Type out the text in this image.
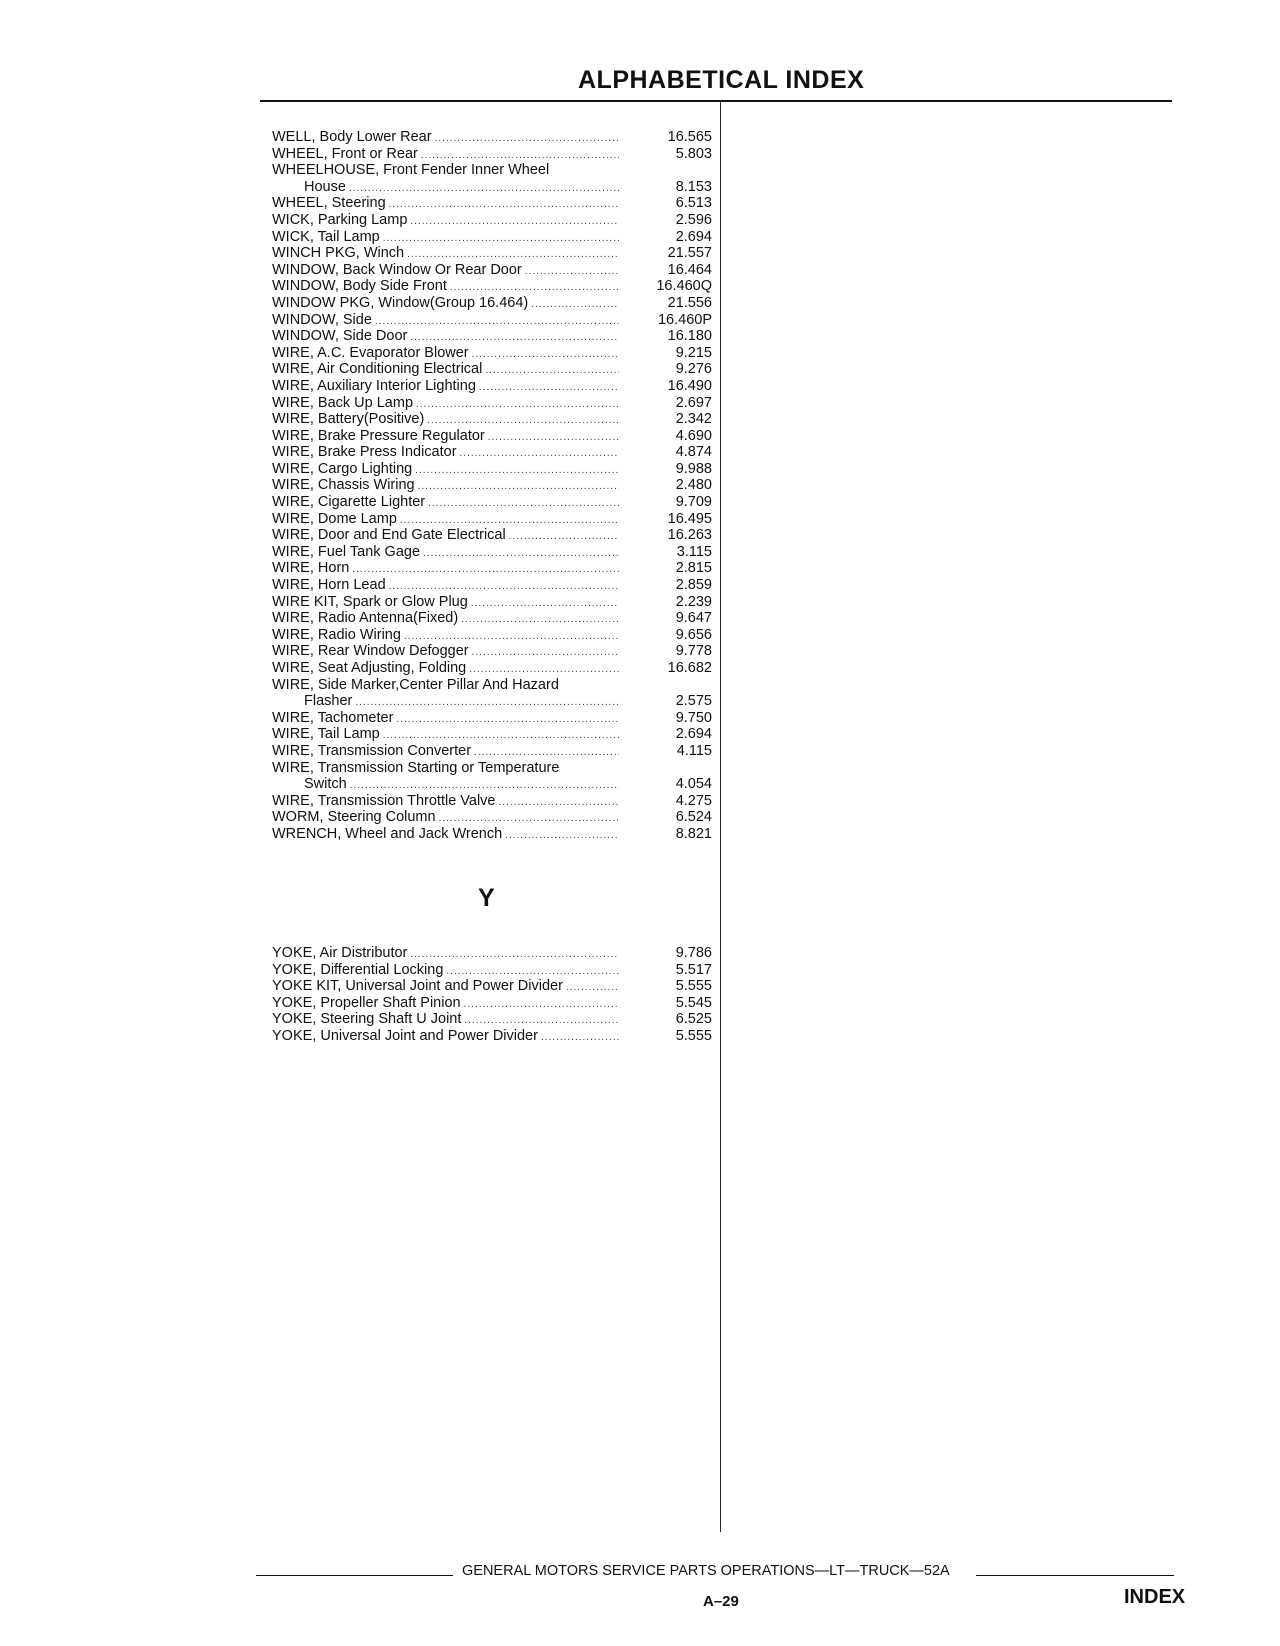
ALPHABETICAL INDEX
WELL, Body Lower Rear .....	16.565
WHEEL, Front or Rear .....	5.803
WHEELHOUSE, Front Fender Inner Wheel
House .....	8.153
WHEEL, Steering .....	6.513
WICK, Parking Lamp .....	2.596
WICK, Tail Lamp .....	2.694
WINCH PKG, Winch .....	21.557
WINDOW, Back Window Or Rear Door .....	16.464
WINDOW, Body Side Front .....	16.460Q
WINDOW PKG, Window(Group 16.464) .....	21.556
WINDOW, Side .....	16.460P
WINDOW, Side Door .....	16.180
WIRE, A.C. Evaporator Blower .....	9.215
WIRE, Air Conditioning Electrical .....	9.276
WIRE, Auxiliary Interior Lighting .....	16.490
WIRE, Back Up Lamp .....	2.697
WIRE, Battery(Positive) .....	2.342
WIRE, Brake Pressure Regulator .....	4.690
WIRE, Brake Press Indicator .....	4.874
WIRE, Cargo Lighting .....	9.988
WIRE, Chassis Wiring .....	2.480
WIRE, Cigarette Lighter .....	9.709
WIRE, Dome Lamp .....	16.495
WIRE, Door and End Gate Electrical .....	16.263
WIRE, Fuel Tank Gage .....	3.115
WIRE, Horn .....	2.815
WIRE, Horn Lead .....	2.859
WIRE KIT, Spark or Glow Plug .....	2.239
WIRE, Radio Antenna(Fixed) .....	9.647
WIRE, Radio Wiring .....	9.656
WIRE, Rear Window Defogger .....	9.778
WIRE, Seat Adjusting, Folding .....	16.682
WIRE, Side Marker,Center Pillar And Hazard
Flasher .....	2.575
WIRE, Tachometer .....	9.750
WIRE, Tail Lamp .....	2.694
WIRE, Transmission Converter .....	4.115
WIRE, Transmission Starting or Temperature
Switch .....	4.054
WIRE, Transmission Throttle Valve .....	4.275
WORM, Steering Column .....	6.524
WRENCH, Wheel and Jack Wrench .....	8.821
Y
YOKE, Air Distributor .....	9.786
YOKE, Differential Locking .....	5.517
YOKE KIT, Universal Joint and Power Divider .....	5.555
YOKE, Propeller Shaft Pinion .....	5.545
YOKE, Steering Shaft U Joint .....	6.525
YOKE, Universal Joint and Power Divider .....	5.555
GENERAL MOTORS SERVICE PARTS OPERATIONS—LT—TRUCK—52A
A–29	INDEX
